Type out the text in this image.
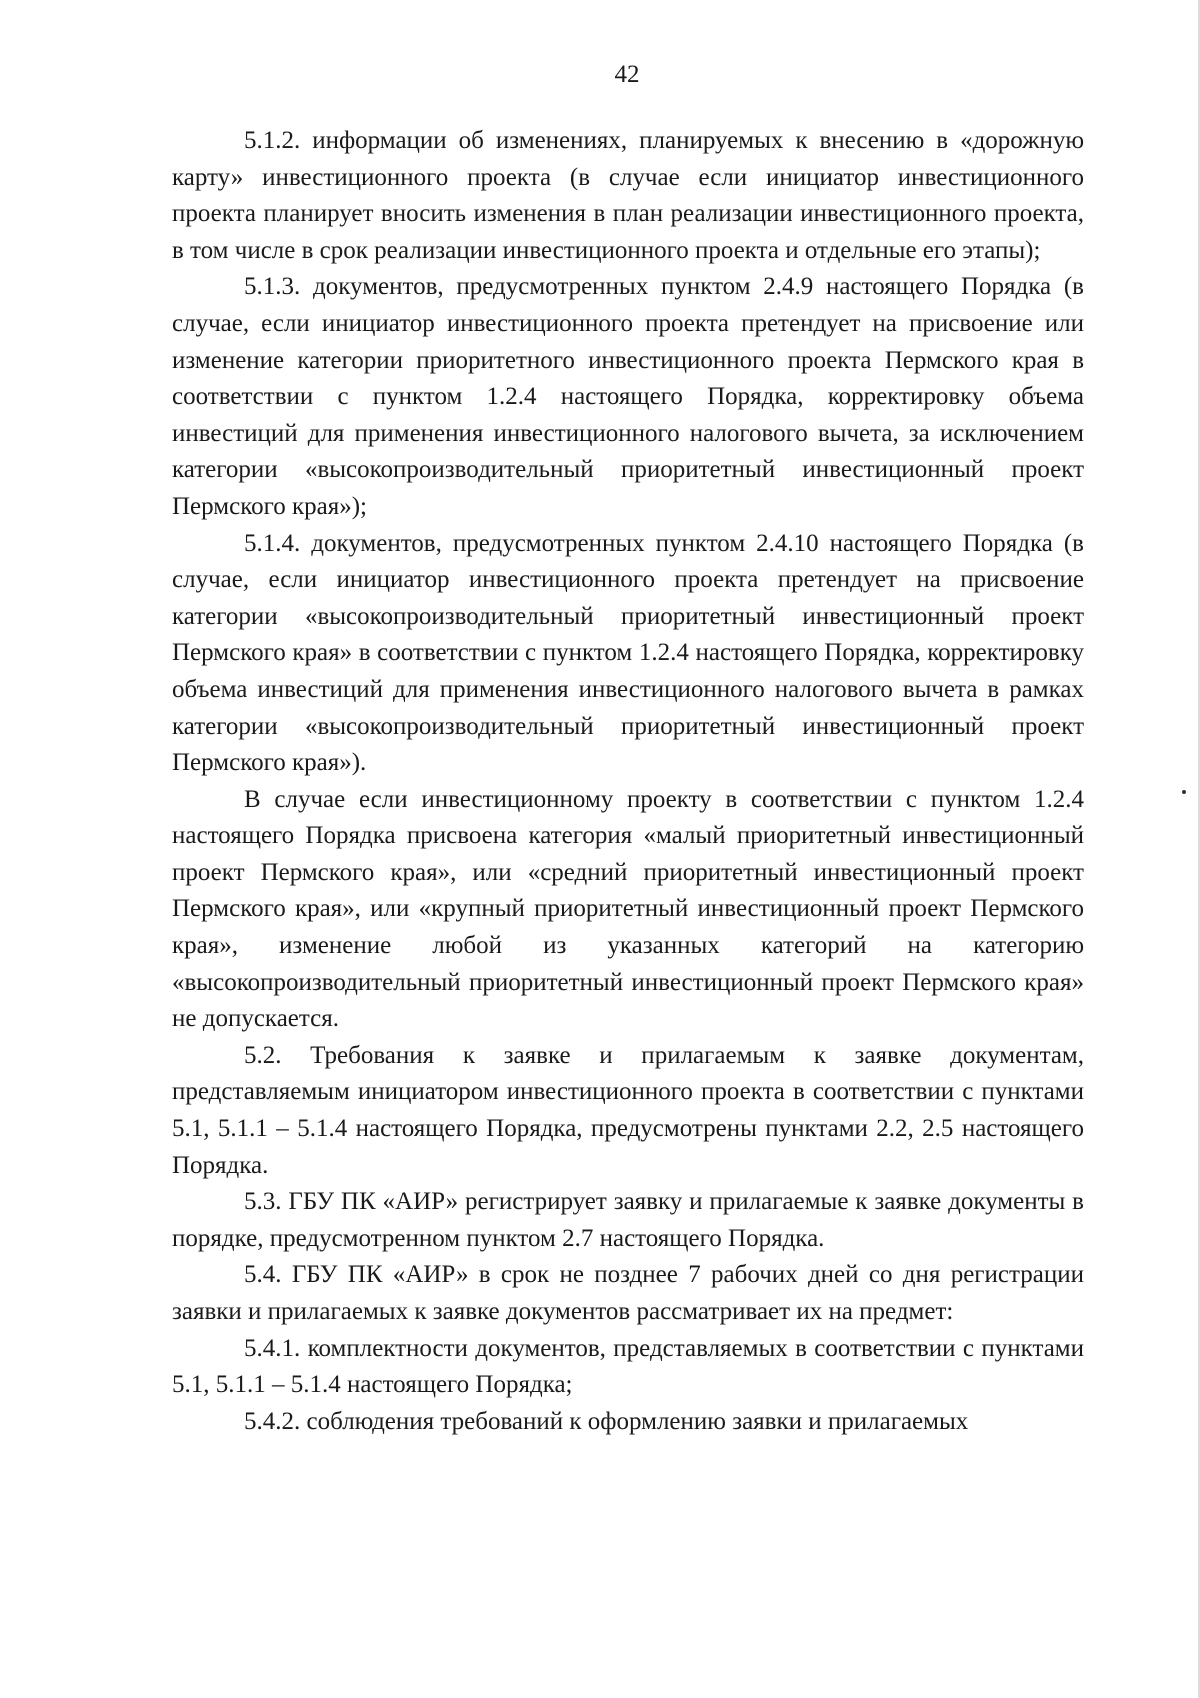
42

5.1.2. информации об изменениях, планируемых к внесению в «дорожную карту» инвестиционного проекта (в случае если инициатор инвестиционного проекта планирует вносить изменения в план реализации инвестиционного проекта, в том числе в срок реализации инвестиционного проекта и отдельные его этапы);

5.1.3. документов, предусмотренных пунктом 2.4.9 настоящего Порядка (в случае, если инициатор инвестиционного проекта претендует на присвоение или изменение категории приоритетного инвестиционного проекта Пермского края в соответствии с пунктом 1.2.4 настоящего Порядка, корректировку объема инвестиций для применения инвестиционного налогового вычета, за исключением категории «высокопроизводительный приоритетный инвестиционный проект Пермского края»);

5.1.4. документов, предусмотренных пунктом 2.4.10 настоящего Порядка (в случае, если инициатор инвестиционного проекта претендует на присвоение категории «высокопроизводительный приоритетный инвестиционный проект Пермского края» в соответствии с пунктом 1.2.4 настоящего Порядка, корректировку объема инвестиций для применения инвестиционного налогового вычета в рамках категории «высокопроизводительный приоритетный инвестиционный проект Пермского края»).

В случае если инвестиционному проекту в соответствии с пунктом 1.2.4 настоящего Порядка присвоена категория «малый приоритетный инвестиционный проект Пермского края», или «средний приоритетный инвестиционный проект Пермского края», или «крупный приоритетный инвестиционный проект Пермского края», изменение любой из указанных категорий на категорию «высокопроизводительный приоритетный инвестиционный проект Пермского края» не допускается.

5.2. Требования к заявке и прилагаемым к заявке документам, представляемым инициатором инвестиционного проекта в соответствии с пунктами 5.1, 5.1.1 – 5.1.4 настоящего Порядка, предусмотрены пунктами 2.2, 2.5 настоящего Порядка.

5.3. ГБУ ПК «АИР» регистрирует заявку и прилагаемые к заявке документы в порядке, предусмотренном пунктом 2.7 настоящего Порядка.

5.4. ГБУ ПК «АИР» в срок не позднее 7 рабочих дней со дня регистрации заявки и прилагаемых к заявке документов рассматривает их на предмет:

5.4.1. комплектности документов, представляемых в соответствии с пунктами 5.1, 5.1.1 – 5.1.4 настоящего Порядка;

5.4.2. соблюдения требований к оформлению заявки и прилагаемых
